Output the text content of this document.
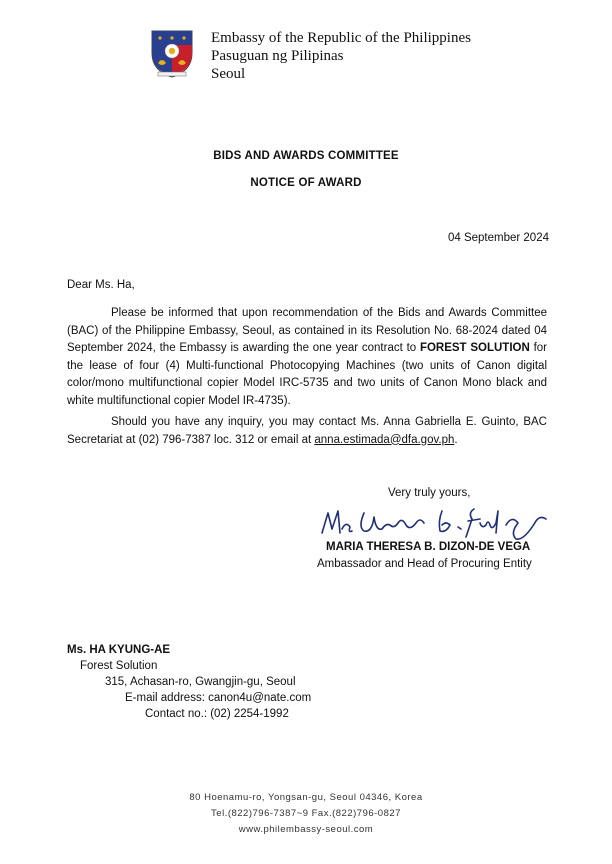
Embassy of the Republic of the Philippines
Pasuguan ng Pilipinas
Seoul
BIDS AND AWARDS COMMITTEE
NOTICE OF AWARD
04 September 2024
Dear Ms. Ha,
Please be informed that upon recommendation of the Bids and Awards Committee (BAC) of the Philippine Embassy, Seoul, as contained in its Resolution No. 68-2024 dated 04 September 2024, the Embassy is awarding the one year contract to FOREST SOLUTION for the lease of four (4) Multi-functional Photocopying Machines (two units of Canon digital color/mono multifunctional copier Model IRC-5735 and two units of Canon Mono black and white multifunctional copier Model IR-4735).
Should you have any inquiry, you may contact Ms. Anna Gabriella E. Guinto, BAC Secretariat at (02) 796-7387 loc. 312 or email at anna.estimada@dfa.gov.ph.
Very truly yours,
MARIA THERESA B. DIZON-DE VEGA
Ambassador and Head of Procuring Entity
Ms. HA KYUNG-AE
Forest Solution
315, Achasan-ro, Gwangjin-gu, Seoul
E-mail address: canon4u@nate.com
Contact no.: (02) 2254-1992
80 Hoenamu-ro, Yongsan-gu, Seoul 04346, Korea
Tel.(822)796-7387~9 Fax.(822)796-0827
www.philembassy-seoul.com
